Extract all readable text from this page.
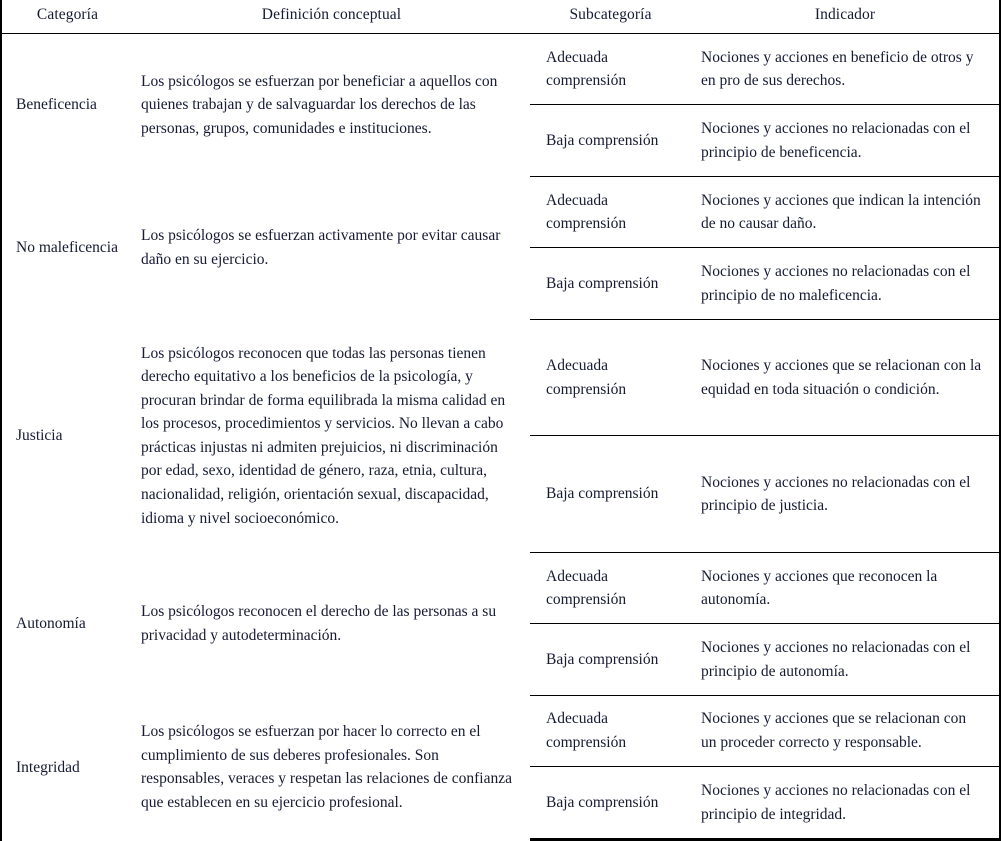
Categoría	Definición conceptual	Subcategoría	Indicador
Beneficencia	Los psicólogos se esfuerzan por beneficiar a aquellos con quienes trabajan y de salvaguardar los derechos de las personas, grupos, comunidades e instituciones.	Adecuada comprensión	Nociones y acciones en beneficio de otros y en pro de sus derechos.
		Baja comprensión	Nociones y acciones no relacionadas con el principio de beneficencia.
No maleficencia	Los psicólogos se esfuerzan activamente por evitar causar daño en su ejercicio.	Adecuada comprensión	Nociones y acciones que indican la intención de no causar daño.
		Baja comprensión	Nociones y acciones no relacionadas con el principio de no maleficencia.
Justicia	Los psicólogos reconocen que todas las personas tienen derecho equitativo a los beneficios de la psicología, y procuran brindar de forma equilibrada la misma calidad en los procesos, procedimientos y servicios. No llevan a cabo prácticas injustas ni admiten prejuicios, ni discriminación por edad, sexo, identidad de género, raza, etnia, cultura, nacionalidad, religión, orientación sexual, discapacidad, idioma y nivel socioeconómico.	Adecuada comprensión	Nociones y acciones que se relacionan con la equidad en toda situación o condición.
		Baja comprensión	Nociones y acciones no relacionadas con el principio de justicia.
Autonomía	Los psicólogos reconocen el derecho de las personas a su privacidad y autodeterminación.	Adecuada comprensión	Nociones y acciones que reconocen la autonomía.
		Baja comprensión	Nociones y acciones no relacionadas con el principio de autonomía.
Integridad	Los psicólogos se esfuerzan por hacer lo correcto en el cumplimiento de sus deberes profesionales. Son responsables, veraces y respetan las relaciones de confianza que establecen en su ejercicio profesional.	Adecuada comprensión	Nociones y acciones que se relacionan con un proceder correcto y responsable.
		Baja comprensión	Nociones y acciones no relacionadas con el principio de integridad.
